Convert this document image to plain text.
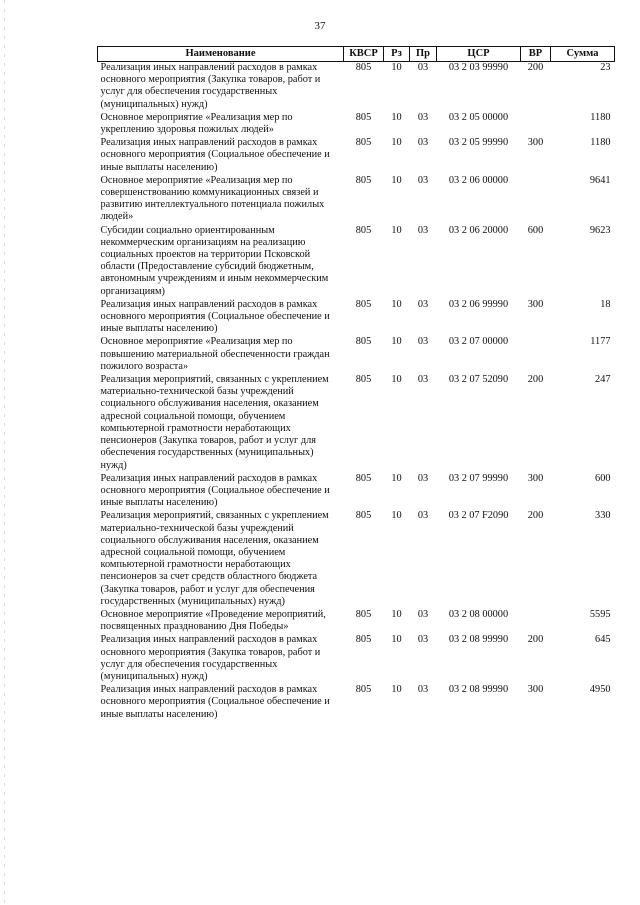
37
Наименование	КВСР	Рз	Пр	ЦСР	ВР	Сумма
Реализация иных направлений расходов в рамках основного мероприятия (Закупка товаров, работ и услуг для обеспечения государственных (муниципальных) нужд)	805	10	03	03 2 03 99990	200	23
Основное мероприятие «Реализация мер по укреплению здоровья пожилых людей»	805	10	03	03 2 05 00000		1180
Реализация иных направлений расходов в рамках основного мероприятия (Социальное обеспечение и иные выплаты населению)	805	10	03	03 2 05 99990	300	1180
Основное мероприятие «Реализация мер по совершенствованию коммуникационных связей и развитию интеллектуального потенциала пожилых людей»	805	10	03	03 2 06 00000		9641
Субсидии социально ориентированным некоммерческим организациям на реализацию социальных проектов на территории Псковской области (Предоставление субсидий бюджетным, автономным учреждениям и иным некоммерческим организациям)	805	10	03	03 2 06 20000	600	9623
Реализация иных направлений расходов в рамках основного мероприятия (Социальное обеспечение и иные выплаты населению)	805	10	03	03 2 06 99990	300	18
Основное мероприятие «Реализация мер по повышению материальной обеспеченности граждан пожилого возраста»	805	10	03	03 2 07 00000		1177
Реализация мероприятий, связанных с укреплением материально-технической базы учреждений социального обслуживания населения, оказанием адресной социальной помощи, обучением компьютерной грамотности неработающих пенсионеров (Закупка товаров, работ и услуг для обеспечения государственных (муниципальных) нужд)	805	10	03	03 2 07 52090	200	247
Реализация иных направлений расходов в рамках основного мероприятия (Социальное обеспечение и иные выплаты населению)	805	10	03	03 2 07 99990	300	600
Реализация мероприятий, связанных с укреплением материально-технической базы учреждений социального обслуживания населения, оказанием адресной социальной помощи, обучением компьютерной грамотности неработающих пенсионеров за счет средств областного бюджета (Закупка товаров, работ и услуг для обеспечения государственных (муниципальных) нужд)	805	10	03	03 2 07 F2090	200	330
Основное мероприятие «Проведение мероприятий, посвященных празднованию Дня Победы»	805	10	03	03 2 08 00000		5595
Реализация иных направлений расходов в рамках основного мероприятия (Закупка товаров, работ и услуг для обеспечения государственных (муниципальных) нужд)	805	10	03	03 2 08 99990	200	645
Реализация иных направлений расходов в рамках основного мероприятия (Социальное обеспечение и иные выплаты населению)	805	10	03	03 2 08 99990	300	4950
